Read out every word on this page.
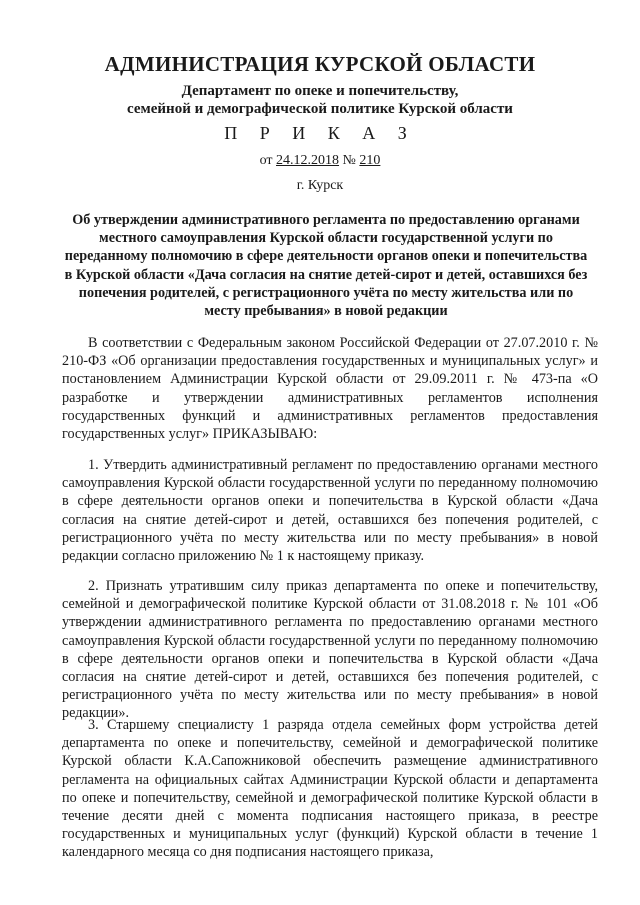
АДМИНИСТРАЦИЯ КУРСКОЙ ОБЛАСТИ
Департамент по опеке и попечительству,
семейной и демографической политике Курской области
П Р И К А З
от 24.12.2018 № 210
г. Курск
Об утверждении административного регламента по предоставлению органами местного самоуправления Курской области государственной услуги по переданному полномочию в сфере деятельности органов опеки и попечительства в Курской области «Дача согласия на снятие детей-сирот и детей, оставшихся без попечения родителей, с регистрационного учёта по месту жительства или по месту пребывания» в новой редакции

В соответствии с Федеральным законом Российской Федерации от 27.07.2010 г. № 210-ФЗ «Об организации предоставления государственных и муниципальных услуг» и постановлением Администрации Курской области от 29.09.2011 г. № 473-па «О разработке и утверждении административных регламентов исполнения государственных функций и административных регламентов предоставления государственных услуг» ПРИКАЗЫВАЮ:

1. Утвердить административный регламент по предоставлению органами местного самоуправления Курской области государственной услуги по переданному полномочию в сфере деятельности органов опеки и попечительства в Курской области «Дача согласия на снятие детей-сирот и детей, оставшихся без попечения родителей, с регистрационного учёта по месту жительства или по месту пребывания» в новой редакции согласно приложению № 1 к настоящему приказу.

2. Признать утратившим силу приказ департамента по опеке и попечительству, семейной и демографической политике Курской области от 31.08.2018 г. № 101 «Об утверждении административного регламента по предоставлению органами местного самоуправления Курской области государственной услуги по переданному полномочию в сфере деятельности органов опеки и попечительства в Курской области «Дача согласия на снятие детей-сирот и детей, оставшихся без попечения родителей, с регистрационного учёта по месту жительства или по месту пребывания» в новой редакции».

3. Старшему специалисту 1 разряда отдела семейных форм устройства детей департамента по опеке и попечительству, семейной и демографической политике Курской области К.А.Сапожниковой обеспечить размещение административного регламента на официальных сайтах Администрации Курской области и департамента по опеке и попечительству, семейной и демографической политике Курской области в течение десяти дней с момента подписания настоящего приказа, в реестре государственных и муниципальных услуг (функций) Курской области в течение 1 календарного месяца со дня подписания настоящего приказа,
